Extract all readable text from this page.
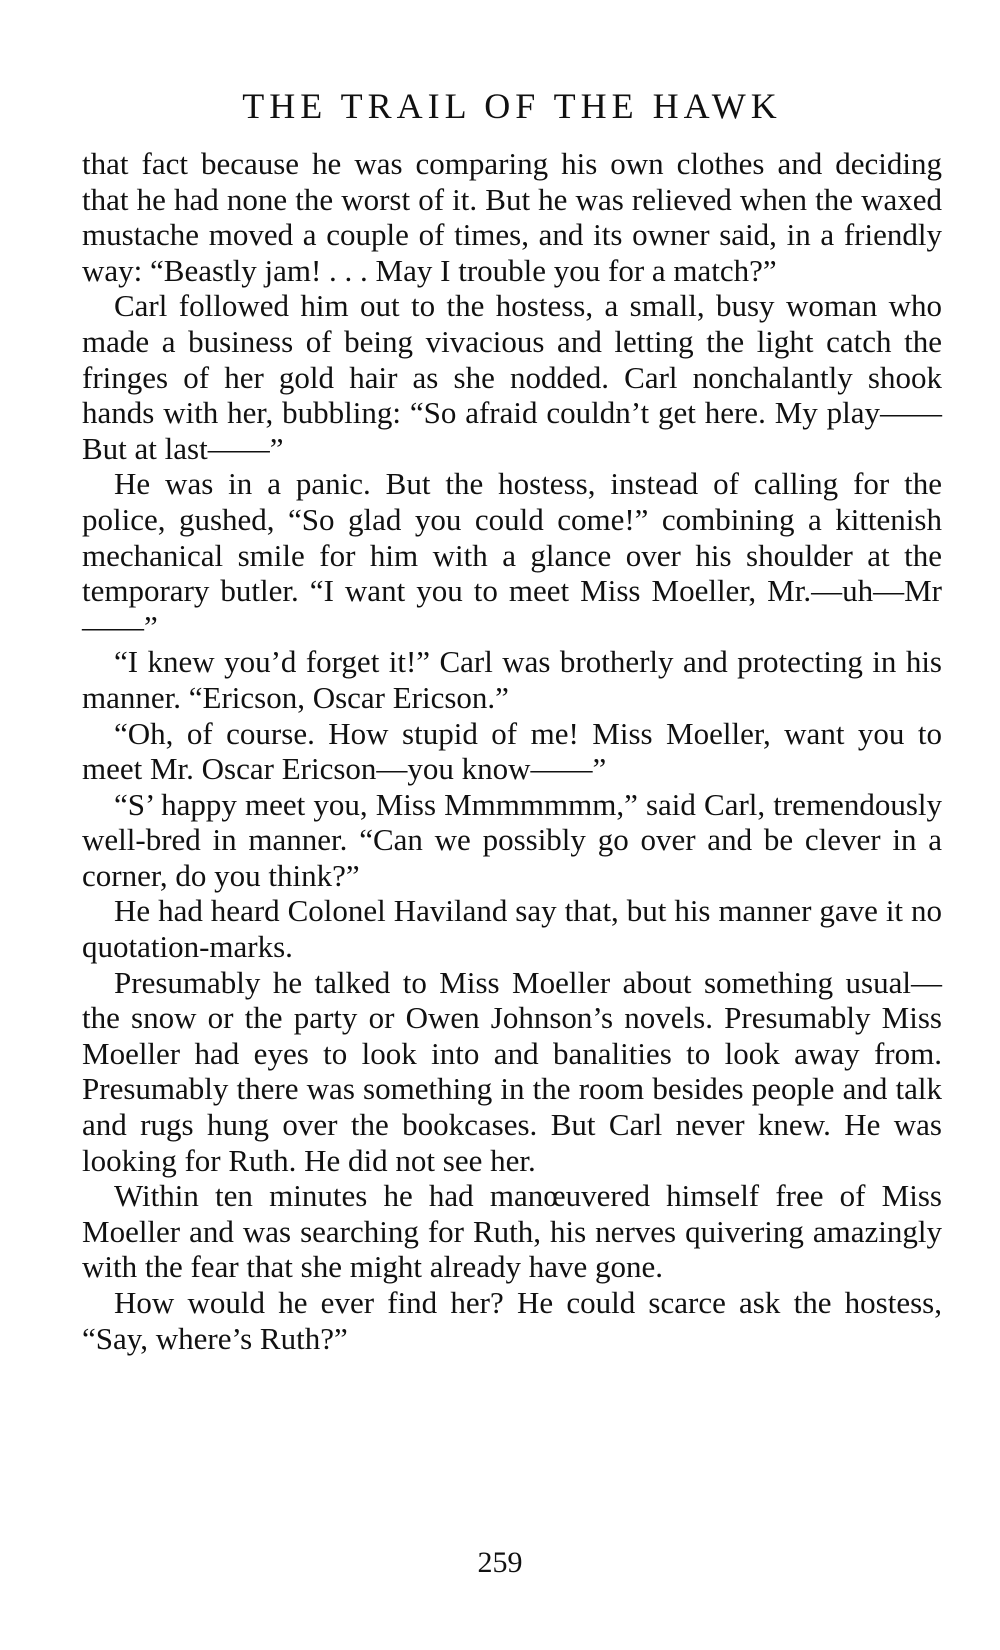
THE TRAIL OF THE HAWK

that fact because he was comparing his own clothes and deciding that he had none the worst of it. But he was relieved when the waxed mustache moved a couple of times, and its owner said, in a friendly way: “Beastly jam! . . . May I trouble you for a match?”

Carl followed him out to the hostess, a small, busy woman who made a business of being vivacious and letting the light catch the fringes of her gold hair as she nodded. Carl nonchalantly shook hands with her, bubbling: “So afraid couldn’t get here. My play—— But at last——”

He was in a panic. But the hostess, instead of calling for the police, gushed, “So glad you could come!” combining a kittenish mechanical smile for him with a glance over his shoulder at the temporary butler. “I want you to meet Miss Moeller, Mr.—uh—Mr——”

“I knew you’d forget it!” Carl was brotherly and protecting in his manner. “Ericson, Oscar Ericson.”

“Oh, of course. How stupid of me! Miss Moeller, want you to meet Mr. Oscar Ericson—you know——”

“S’ happy meet you, Miss Mmmmmmm,” said Carl, tremendously well-bred in manner. “Can we possibly go over and be clever in a corner, do you think?”

He had heard Colonel Haviland say that, but his manner gave it no quotation-marks.

Presumably he talked to Miss Moeller about something usual—the snow or the party or Owen Johnson’s novels. Presumably Miss Moeller had eyes to look into and banalities to look away from. Presumably there was something in the room besides people and talk and rugs hung over the bookcases. But Carl never knew. He was looking for Ruth. He did not see her.

Within ten minutes he had manœuvered himself free of Miss Moeller and was searching for Ruth, his nerves quivering amazingly with the fear that she might already have gone.

How would he ever find her? He could scarce ask the hostess, “Say, where’s Ruth?”

259
